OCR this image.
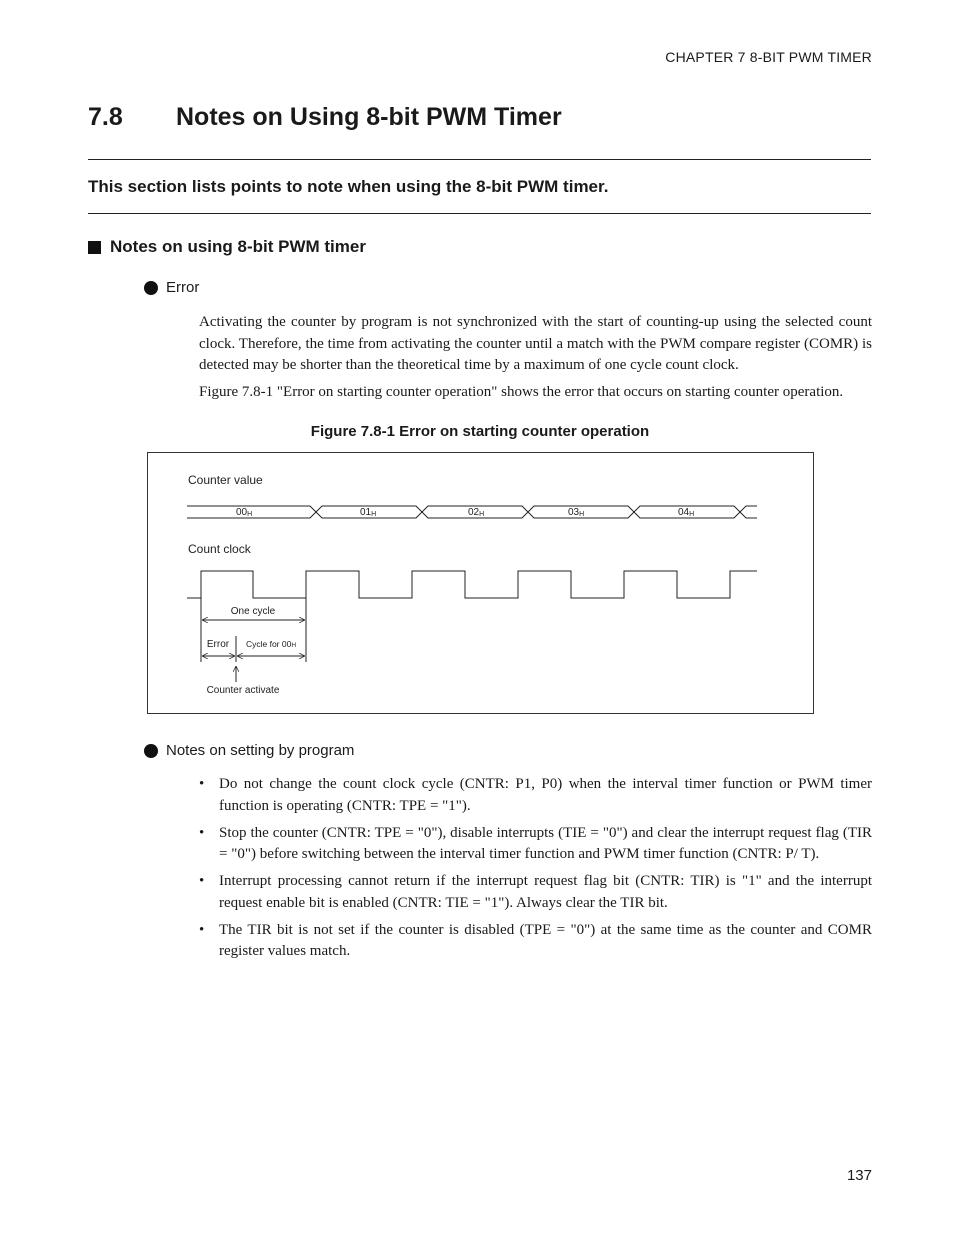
CHAPTER 7 8-BIT PWM TIMER
7.8 Notes on Using 8-bit PWM Timer
This section lists points to note when using the 8-bit PWM timer.
Notes on using 8-bit PWM timer
Error

Activating the counter by program is not synchronized with the start of counting-up using the selected count clock. Therefore, the time from activating the counter until a match with the PWM compare register (COMR) is detected may be shorter than the theoretical time by a maximum of one cycle count clock.

Figure 7.8-1 "Error on starting counter operation" shows the error that occurs on starting counter operation.

Figure 7.8-1 Error on starting counter operation
Counter value
00H	01H	02H	03H	04H
Count clock
One cycle
Error Cycle for 00H
Counter activate
Notes on setting by program
• Do not change the count clock cycle (CNTR: P1, P0) when the interval timer function or PWM timer function is operating (CNTR: TPE = "1").
• Stop the counter (CNTR: TPE = "0"), disable interrupts (TIE = "0") and clear the interrupt request flag (TIR = "0") before switching between the interval timer function and PWM timer function (CNTR: P/ T).
• Interrupt processing cannot return if the interrupt request flag bit (CNTR: TIR) is "1" and the interrupt request enable bit is enabled (CNTR: TIE = "1"). Always clear the TIR bit.
• The TIR bit is not set if the counter is disabled (TPE = "0") at the same time as the counter and COMR register values match.
137
